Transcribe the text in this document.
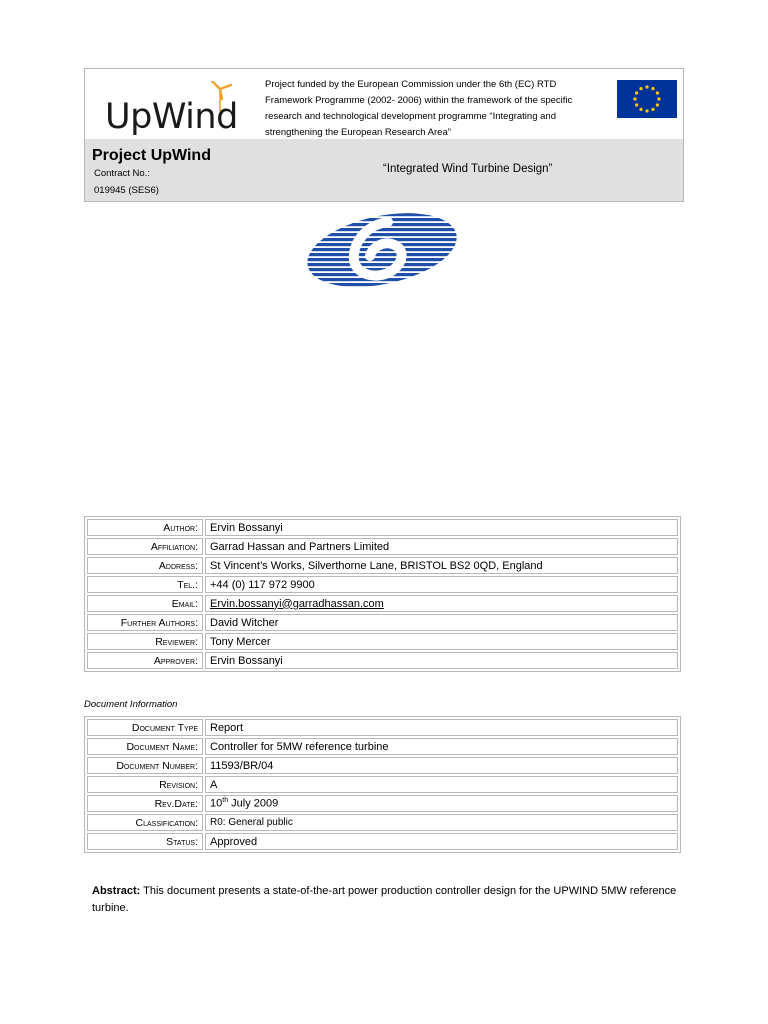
UpWind
Project funded by the European Commission under the 6th (EC) RTD Framework Programme (2002- 2006) within the framework of the specific research and technological development programme “Integrating and strengthening the European Research Area”
Project UpWind
Contract No.:
019945 (SES6)
“Integrated Wind Turbine Design”
Author:	Ervin Bossanyi
Affiliation:	Garrad Hassan and Partners Limited
Address:	St Vincent’s Works, Silverthorne Lane, BRISTOL BS2 0QD, England
Tel.:	+44 (0) 117 972 9900
Email:	Ervin.bossanyi@garradhassan.com
Further Authors:	David Witcher
Reviewer:	Tony Mercer
Approver:	Ervin Bossanyi
Document Information
Document Type	Report
Document Name:	Controller for 5MW reference turbine
Document Number:	11593/BR/04
Revision:	A
Rev.Date:	10th July 2009
Classification:	R0: General public
Status:	Approved
Abstract: This document presents a state-of-the-art power production controller design for the UPWIND 5MW reference turbine.
